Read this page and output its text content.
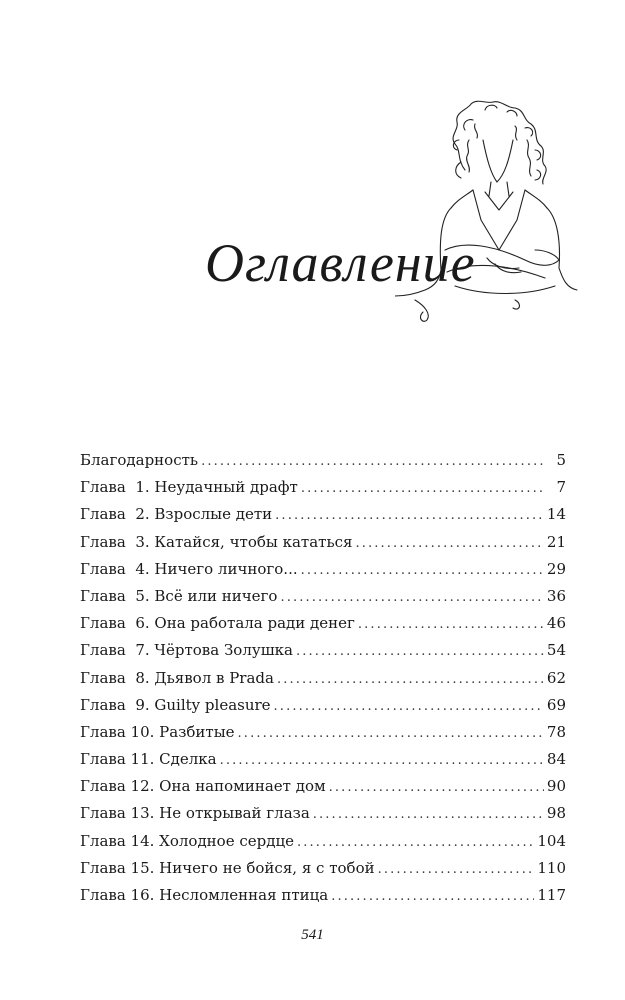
Оглавление
Благодарность . . .	5
Глава  1. Неудачный драфт . . .	7
Глава  2. Взрослые дети . . .	14
Глава  3. Катайся, чтобы кататься . . .	21
Глава  4. Ничего личного... . . .	29
Глава  5. Всё или ничего . . .	36
Глава  6. Она работала ради денег . . .	46
Глава  7. Чёртова Золушка . . .	54
Глава  8. Дьявол в Prada . . .	62
Глава  9. Guilty pleasure . . .	69
Глава 10. Разбитые . . .	78
Глава 11. Сделка . . .	84
Глава 12. Она напоминает дом . . .	90
Глава 13. Не открывай глаза . . .	98
Глава 14. Холодное сердце . . .	104
Глава 15. Ничего не бойся, я с тобой . . .	110
Глава 16. Несломленная птица . . .	117
541
